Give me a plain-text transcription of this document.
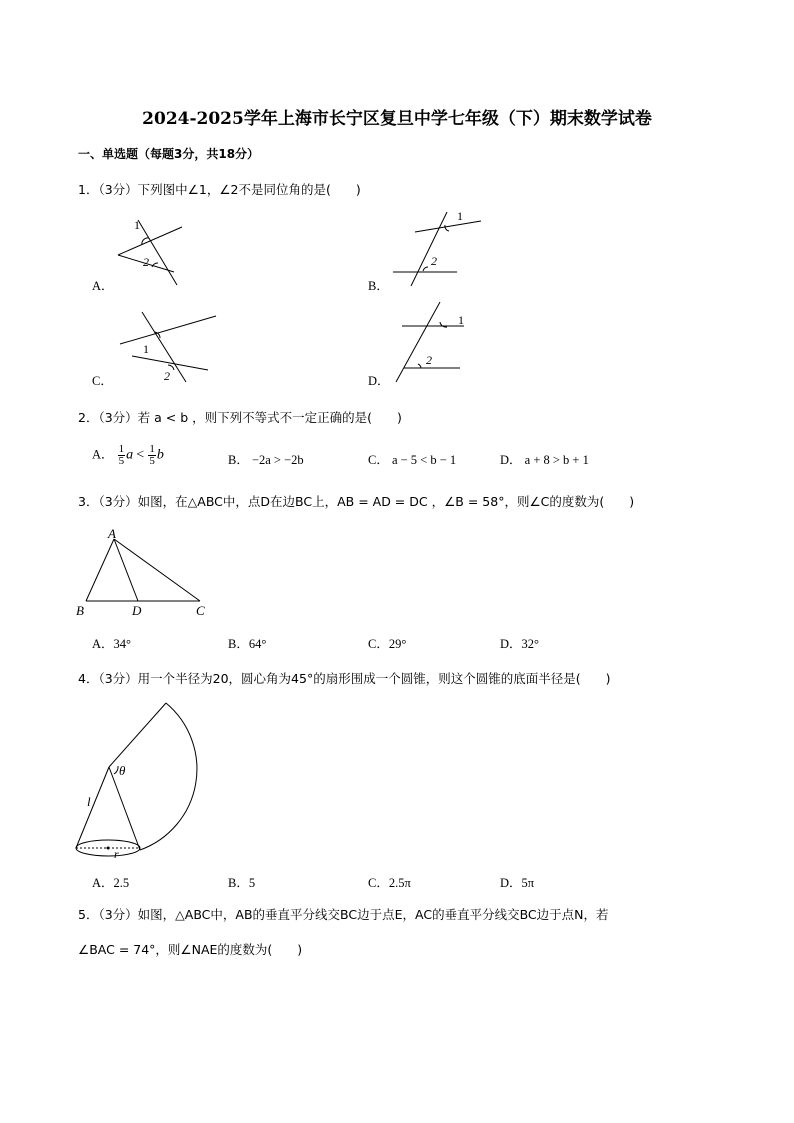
2024-2025学年上海市长宁区复旦中学七年级（下）期末数学试卷
一、单选题（每题3分，共18分）
1．（3分）下列图中∠1，∠2不是同位角的是(　　)
A．
1
2
B．
1
2
C．
1
2	D．
1
2
2．（3分）若 a < b ，则下列不等式不一定正确的是(　　)
A． $\frac{1}{5}$ $a < \frac{1}{5}$ b	B． −2a > −2b	C． a − 5 < b − 1	D． a + 8 > b + 1
3．（3分）如图，在△ABC中，点D在边BC上，AB = AD = DC ，∠B = 58°，则∠C的度数为(　　)
A
B	D	C
A．34°	B．64°	C．29°	D．32°
4．（3分）用一个半径为20，圆心角为45°的扇形围成一个圆锥，则这个圆锥的底面半径是(　　)
θ
l
r
A．2.5	B．5	C．2.5π	D．5π
5．（3分）如图，△ABC中，AB的垂直平分线交BC边于点E，AC的垂直平分线交BC边于点N，若
∠BAC = 74°，则∠NAE的度数为(　　)
